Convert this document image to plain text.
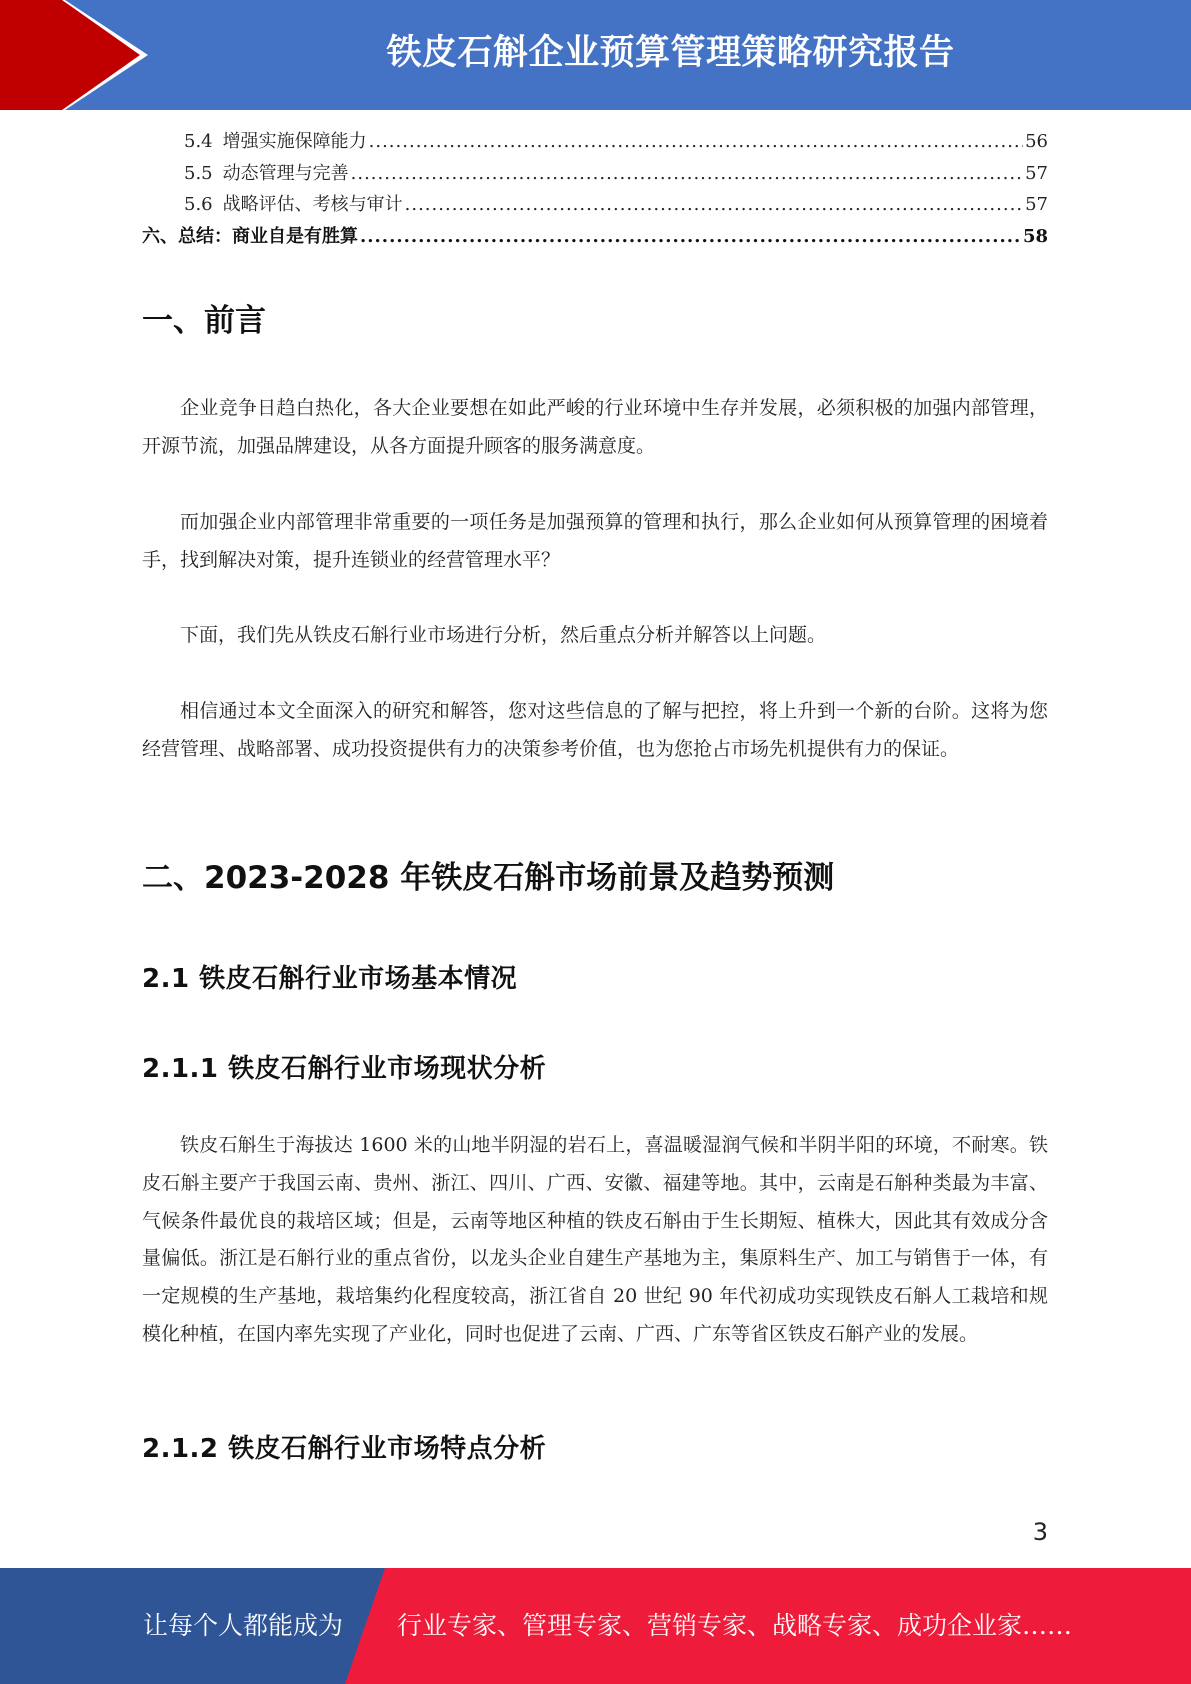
铁皮石斛企业预算管理策略研究报告
5.4 增强实施保障能力 .....	56
5.5 动态管理与完善 .....	57
5.6 战略评估、考核与审计 .....	57
六、总结：商业自是有胜算 .....	58
一、前言

企业竞争日趋白热化，各大企业要想在如此严峻的行业环境中生存并发展，必须积极的加强内部管理，开源节流，加强品牌建设，从各方面提升顾客的服务满意度。

而加强企业内部管理非常重要的一项任务是加强预算的管理和执行，那么企业如何从预算管理的困境着手，找到解决对策，提升连锁业的经营管理水平？

下面，我们先从铁皮石斛行业市场进行分析，然后重点分析并解答以上问题。

相信通过本文全面深入的研究和解答，您对这些信息的了解与把控，将上升到一个新的台阶。这将为您经营管理、战略部署、成功投资提供有力的决策参考价值，也为您抢占市场先机提供有力的保证。

二、2023-2028 年铁皮石斛市场前景及趋势预测
2.1 铁皮石斛行业市场基本情况
2.1.1 铁皮石斛行业市场现状分析

铁皮石斛生于海拔达 1600 米的山地半阴湿的岩石上，喜温暖湿润气候和半阴半阳的环境，不耐寒。铁皮石斛主要产于我国云南、贵州、浙江、四川、广西、安徽、福建等地。其中，云南是石斛种类最为丰富、气候条件最优良的栽培区域；但是，云南等地区种植的铁皮石斛由于生长期短、植株大，因此其有效成分含量偏低。浙江是石斛行业的重点省份，以龙头企业自建生产基地为主，集原料生产、加工与销售于一体，有一定规模的生产基地，栽培集约化程度较高，浙江省自 20 世纪 90 年代初成功实现铁皮石斛人工栽培和规模化种植，在国内率先实现了产业化，同时也促进了云南、广西、广东等省区铁皮石斛产业的发展。

2.1.2 铁皮石斛行业市场特点分析
3
让每个人都能成为 行业专家、管理专家、营销专家、战略专家、成功企业家……
